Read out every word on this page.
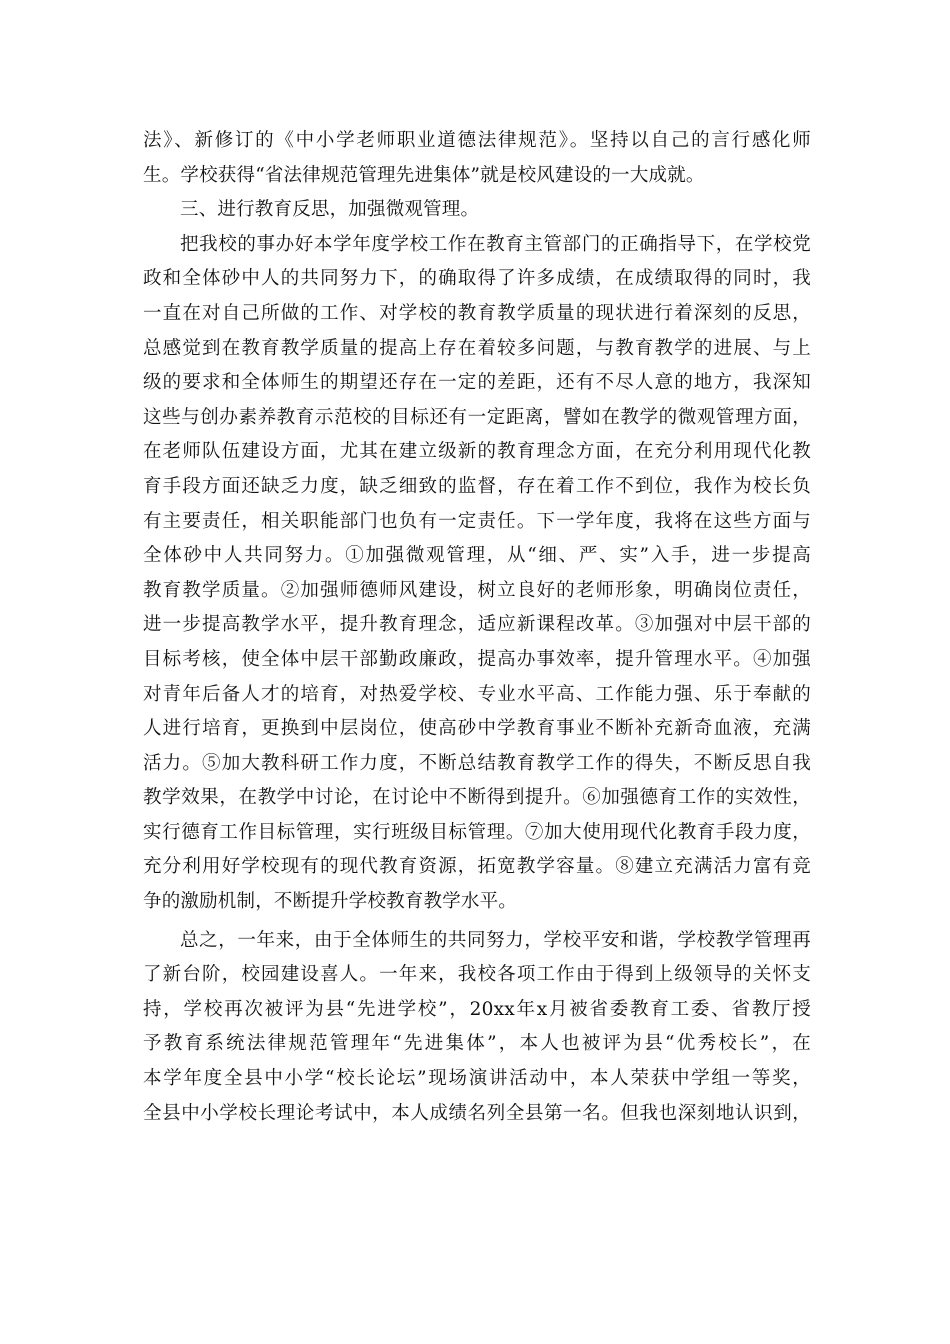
法》、新修订的《中小学老师职业道德法律规范》。坚持以自己的言行感化师
生。学校获得“省法律规范管理先进集体”就是校风建设的一大成就。
三、进行教育反思，加强微观管理。
把我校的事办好本学年度学校工作在教育主管部门的正确指导下，在学校党
政和全体砂中人的共同努力下，的确取得了许多成绩，在成绩取得的同时，我
一直在对自己所做的工作、对学校的教育教学质量的现状进行着深刻的反思，
总感觉到在教育教学质量的提高上存在着较多问题，与教育教学的进展、与上
级的要求和全体师生的期望还存在一定的差距，还有不尽人意的地方，我深知
这些与创办素养教育示范校的目标还有一定距离，譬如在教学的微观管理方面，
在老师队伍建设方面，尤其在建立级新的教育理念方面，在充分利用现代化教
育手段方面还缺乏力度，缺乏细致的监督，存在着工作不到位，我作为校长负
有主要责任，相关职能部门也负有一定责任。下一学年度，我将在这些方面与
全体砂中人共同努力。①加强微观管理，从“细、严、实”入手，进一步提高
教育教学质量。②加强师德师风建设，树立良好的老师形象，明确岗位责任，
进一步提高教学水平，提升教育理念，适应新课程改革。③加强对中层干部的
目标考核，使全体中层干部勤政廉政，提高办事效率，提升管理水平。④加强
对青年后备人才的培育，对热爱学校、专业水平高、工作能力强、乐于奉献的
人进行培育，更换到中层岗位，使高砂中学教育事业不断补充新奇血液，充满
活力。⑤加大教科研工作力度，不断总结教育教学工作的得失，不断反思自我
教学效果，在教学中讨论，在讨论中不断得到提升。⑥加强德育工作的实效性，
实行德育工作目标管理，实行班级目标管理。⑦加大使用现代化教育手段力度，
充分利用好学校现有的现代教育资源，拓宽教学容量。⑧建立充满活力富有竞
争的激励机制，不断提升学校教育教学水平。
总之，一年来，由于全体师生的共同努力，学校平安和谐，学校教学管理再
了新台阶，校园建设喜人。一年来，我校各项工作由于得到上级领导的关怀支
持，学校再次被评为县“先进学校”，20xx年x月被省委教育工委、省教厅授
予教育系统法律规范管理年“先进集体”，本人也被评为县“优秀校长”，在
本学年度全县中小学“校长论坛”现场演讲活动中，本人荣获中学组一等奖，
全县中小学校长理论考试中，本人成绩名列全县第一名。但我也深刻地认识到，
